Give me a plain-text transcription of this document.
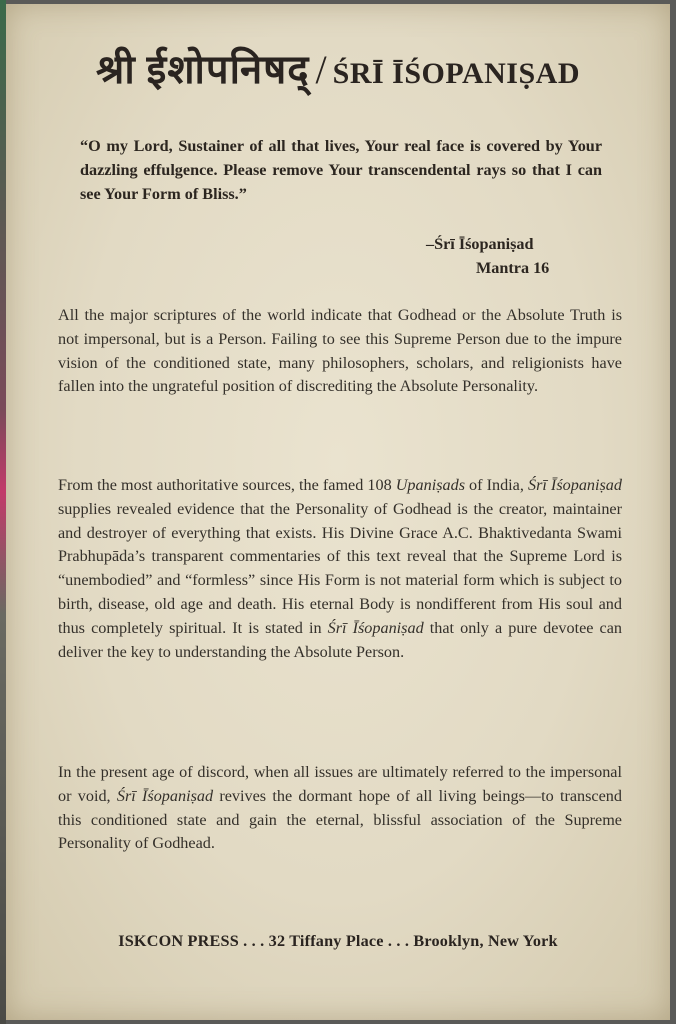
श्री ईशोपनिषद् / ŚRĪ ĪŚOPANIṢAD
“O my Lord, Sustainer of all that lives, Your real face is covered by Your dazzling effulgence. Please remove Your transcendental rays so that I can see Your Form of Bliss.”
–Śrī Īśopaniṣad
Mantra 16
All the major scriptures of the world indicate that Godhead or the Absolute Truth is not impersonal, but is a Person. Failing to see this Supreme Person due to the impure vision of the conditioned state, many philosophers, scholars, and religionists have fallen into the ungrateful position of discrediting the Absolute Personality.
From the most authoritative sources, the famed 108 Upaniṣads of India, Śrī Īśopaniṣad supplies revealed evidence that the Personality of Godhead is the creator, maintainer and destroyer of everything that exists. His Divine Grace A.C. Bhaktivedanta Swami Prabhupāda’s transparent commentaries of this text reveal that the Supreme Lord is “unembodied” and “formless” since His Form is not material form which is subject to birth, disease, old age and death. His eternal Body is nondifferent from His soul and thus completely spiritual. It is stated in Śrī Īśopaniṣad that only a pure devotee can deliver the key to understanding the Absolute Person.
In the present age of discord, when all issues are ultimately referred to the impersonal or void, Śrī Īśopaniṣad revives the dormant hope of all living beings—to transcend this conditioned state and gain the eternal, blissful association of the Supreme Personality of Godhead.
ISKCON PRESS . . . 32 Tiffany Place . . . Brooklyn, New York
